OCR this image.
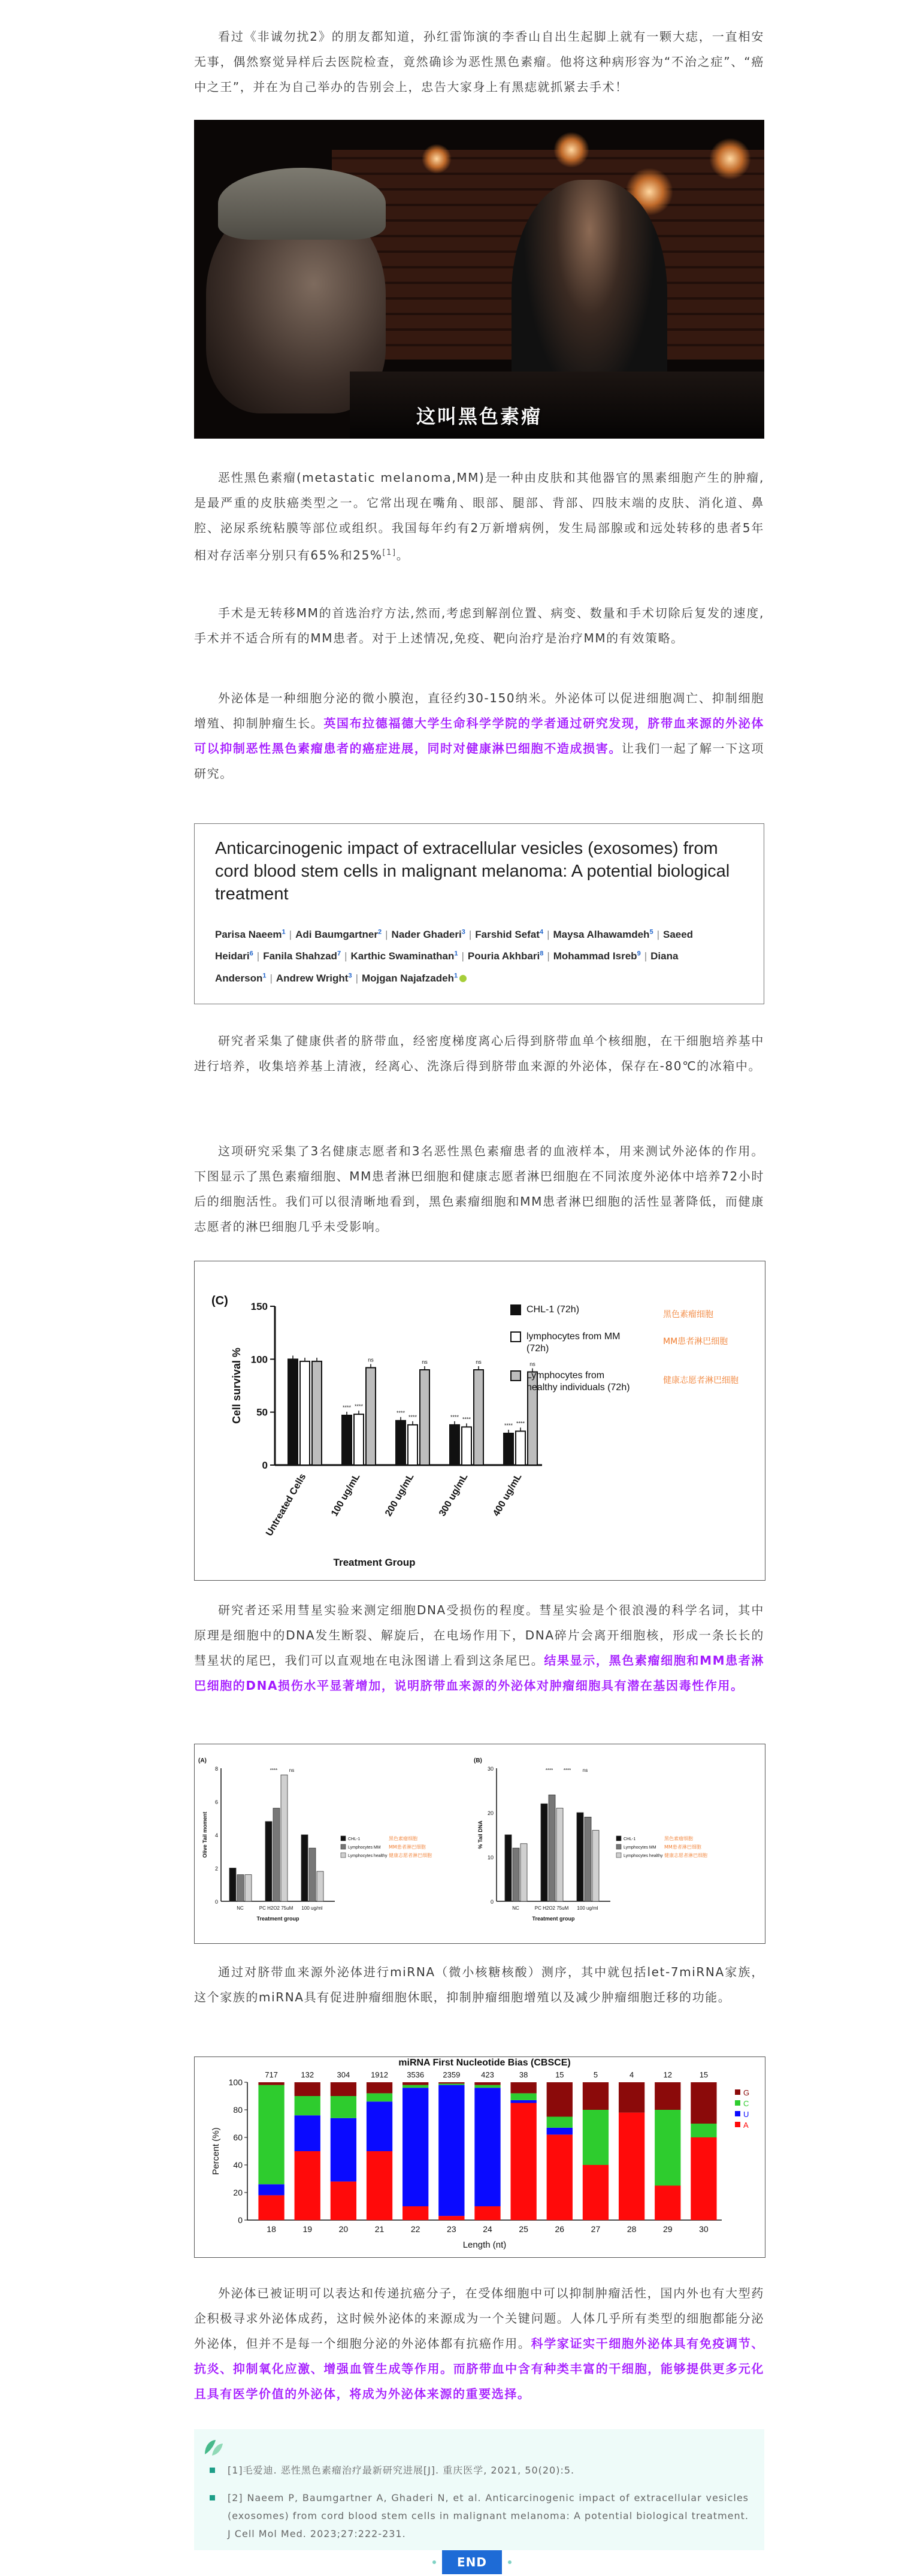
看过《非诚勿扰2》的朋友都知道，孙红雷饰演的李香山自出生起脚上就有一颗大痣，一直相安无事，偶然察觉异样后去医院检查，竟然确诊为恶性黑色素瘤。他将这种病形容为“不治之症”、“癌中之王”，并在为自己举办的告别会上，忠告大家身上有黑痣就抓紧去手术！

这叫黑色素瘤

恶性黑色素瘤(metastatic melanoma,MM)是一种由皮肤和其他器官的黑素细胞产生的肿瘤,是最严重的皮肤癌类型之一。它常出现在嘴角、眼部、腿部、背部、四肢末端的皮肤、消化道、鼻腔、泌尿系统粘膜等部位或组织。我国每年约有2万新增病例，发生局部腺或和远处转移的患者5年相对存活率分别只有65%和25%[1]。

手术是无转移MM的首选治疗方法,然而,考虑到解剖位置、病变、数量和手术切除后复发的速度,手术并不适合所有的MM患者。对于上述情况,免疫、靶向治疗是治疗MM的有效策略。

外泌体是一种细胞分泌的微小膜泡，直径约30-150纳米。外泌体可以促进细胞凋亡、抑制细胞增殖、抑制肿瘤生长。英国布拉德福德大学生命科学学院的学者通过研究发现，脐带血来源的外泌体可以抑制恶性黑色素瘤患者的癌症进展，同时对健康淋巴细胞不造成损害。让我们一起了解一下这项研究。

Anticarcinogenic impact of extracellular vesicles (exosomes) from cord blood stem cells in malignant melanoma: A potential biological treatment
Parisa Naeem$^1$ | Adi Baumgartner$^2$ | Nader Ghaderi$^3$ | Farshid Sefat$^4$ | Maysa Alhawamdeh$^5$ | Saeed Heidari$^6$ | Fanila Shahzad$^7$ | Karthic Swaminathan$^1$ | Pouria Akhbari$^8$ | Mohammad Isreb$^9$ | Diana Anderson$^1$ | Andrew Wright$^3$ | Mojgan Najafzadeh$^1$

研究者采集了健康供者的脐带血，经密度梯度离心后得到脐带血单个核细胞，在干细胞培养基中进行培养，收集培养基上清液，经离心、洗涤后得到脐带血来源的外泌体，保存在-80℃的冰箱中。

这项研究采集了3名健康志愿者和3名恶性黑色素瘤患者的血液样本，用来测试外泌体的作用。下图显示了黑色素瘤细胞、MM患者淋巴细胞和健康志愿者淋巴细胞在不同浓度外泌体中培养72小时后的细胞活性。我们可以很清晰地看到，黑色素瘤细胞和MM患者淋巴细胞的活性显著降低，而健康志愿者的淋巴细胞几乎未受影响。

(C)
0
50
100
150
Cell survival %
Untreated Cells
**** ****
ns
100 ug/mL
****
****
ns
200 ug/mL
**** ****
ns
300 ug/mL
**** ****
ns
400 ug/mL
Treatment Group
CHL-1 (72h)	黑色素瘤细胞
lymphocytes from MM
(72h)
MM患者淋巴细胞
Lymphocytes from
healthy individuals (72h)
健康志愿者淋巴细胞

研究者还采用彗星实验来测定细胞DNA受损伤的程度。彗星实验是个很浪漫的科学名词，其中原理是细胞中的DNA发生断裂、解旋后，在电场作用下，DNA碎片会离开细胞核，形成一条长长的彗星状的尾巴，我们可以直观地在电泳图谱上看到这条尾巴。结果显示，黑色素瘤细胞和MM患者淋巴细胞的DNA损伤水平显著增加，说明脐带血来源的外泌体对肿瘤细胞具有潜在基因毒性作用。

(A)
0
2
4
6
8
Olive Tail moment
NC	PC H2O2 75uM 100 ug/ml
**** ns
Treatment group
CHL-1	黑色素瘤细胞
Lymphocytes MM MM患者淋巴细胞
Lymphocytes healthy 健康志愿者淋巴细胞
(B)
0
10
20
30
% Tail DNA
NC	PC H2O2 75uM 100 ug/ml
**** **** ns
Treatment group
CHL-1	黑色素瘤细胞
Lymphocytes MM MM患者淋巴细胞
Lymphocytes healthy 健康志愿者淋巴细胞

通过对脐带血来源外泌体进行miRNA（微小核糖核酸）测序，其中就包括let-7miRNA家族，这个家族的miRNA具有促进肿瘤细胞休眠，抑制肿瘤细胞增殖以及减少肿瘤细胞迁移的功能。

miRNA First Nucleotide Bias (CBSCE)
0
20
40
60
80
100
Percent (%)
717
18
132
19
304
20
1912
21
3536
22
2359
23
423
24
38
25
15
26
5
27
4
28
12
29
15
30
Length (nt)
G
C
U
A

外泌体已被证明可以表达和传递抗癌分子，在受体细胞中可以抑制肿瘤活性，国内外也有大型药企积极寻求外泌体成药，这时候外泌体的来源成为一个关键问题。人体几乎所有类型的细胞都能分泌外泌体，但并不是每一个细胞分泌的外泌体都有抗癌作用。科学家证实干细胞外泌体具有免疫调节、抗炎、抑制氧化应激、增强血管生成等作用。而脐带血中含有种类丰富的干细胞，能够提供更多元化且具有医学价值的外泌体，将成为外泌体来源的重要选择。

[1]毛爱迪. 恶性黑色素瘤治疗最新研究进展[J]. 重庆医学, 2021, 50(20):5.
[2] Naeem P, Baumgartner A, Ghaderi N, et al. Anticarcinogenic impact of extracellular vesicles (exosomes) from cord blood stem cells in malignant melanoma: A potential biological treatment. J Cell Mol Med. 2023;27:222-231.
END
